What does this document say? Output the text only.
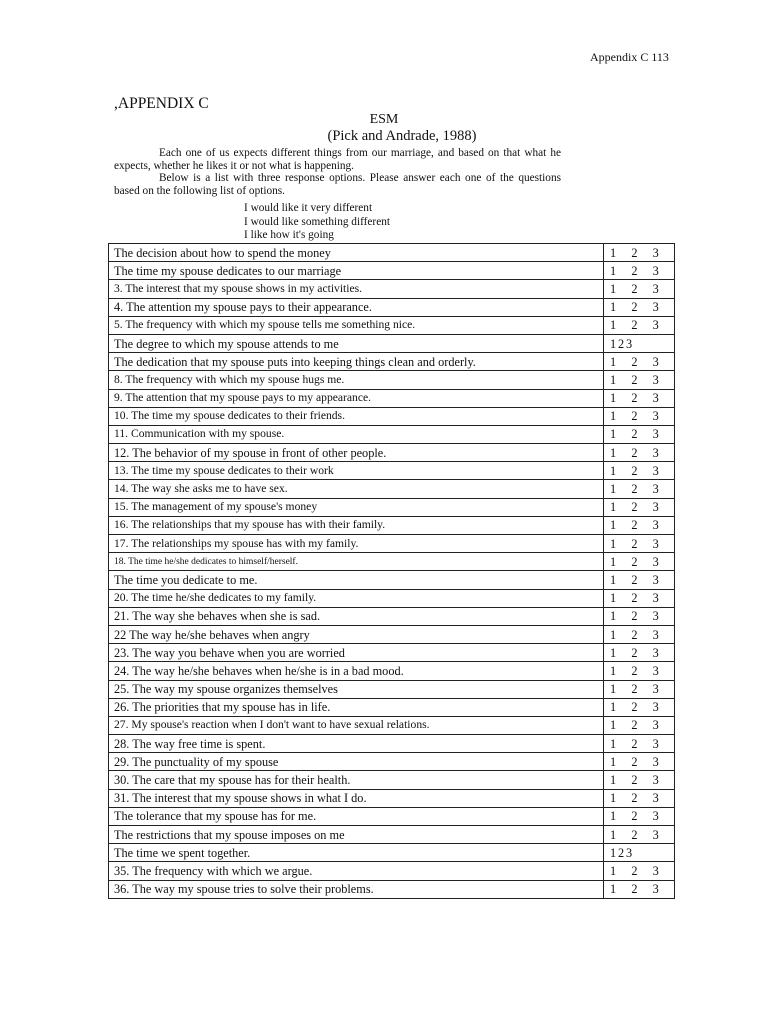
Appendix C 113
,APPENDIX C
ESM
(Pick and Andrade, 1988)

Each one of us expects different things from our marriage, and based on that what he expects, whether he likes it or not what is happening.

Below is a list with three response options. Please answer each one of the questions based on the following list of options.

I would like it very different
I would like something different
I like how it's going
The decision about how to spend the money	1 2 3

The time my spouse dedicates to our marriage	1 2 3

3. The interest that my spouse shows in my activities.	1 2 3

4. The attention my spouse pays to their appearance.	1 2 3

5. The frequency with which my spouse tells me something nice.	1 2 3

The degree to which my spouse attends to me	1 2 3

The dedication that my spouse puts into keeping things clean and orderly.	1 2 3

8. The frequency with which my spouse hugs me.	1 2 3

9. The attention that my spouse pays to my appearance.	1 2 3

10. The time my spouse dedicates to their friends.	1 2 3

11. Communication with my spouse.	1 2 3

12. The behavior of my spouse in front of other people.	1 2 3

13. The time my spouse dedicates to their work	1 2 3

14. The way she asks me to have sex.	1 2 3

15. The management of my spouse's money	1 2 3

16. The relationships that my spouse has with their family.	1 2 3

17. The relationships my spouse has with my family.	1 2 3

18. The time he/she dedicates to himself/herself.	1 2 3

The time you dedicate to me.	1 2 3

20. The time he/she dedicates to my family.	1 2 3

21. The way she behaves when she is sad.	1 2 3

22 The way he/she behaves when angry	1 2 3

23. The way you behave when you are worried	1 2 3

24. The way he/she behaves when he/she is in a bad mood.	1 2 3

25. The way my spouse organizes themselves	1 2 3

26. The priorities that my spouse has in life.	1 2 3

27. My spouse's reaction when I don't want to have sexual relations.	1 2 3

28. The way free time is spent.	1 2 3

29. The punctuality of my spouse	1 2 3

30. The care that my spouse has for their health.	1 2 3

31. The interest that my spouse shows in what I do.	1 2 3

The tolerance that my spouse has for me.	1 2 3

The restrictions that my spouse imposes on me	1 2 3

The time we spent together.	1 2 3

35. The frequency with which we argue.	1 2 3

36. The way my spouse tries to solve their problems.	1 2 3
